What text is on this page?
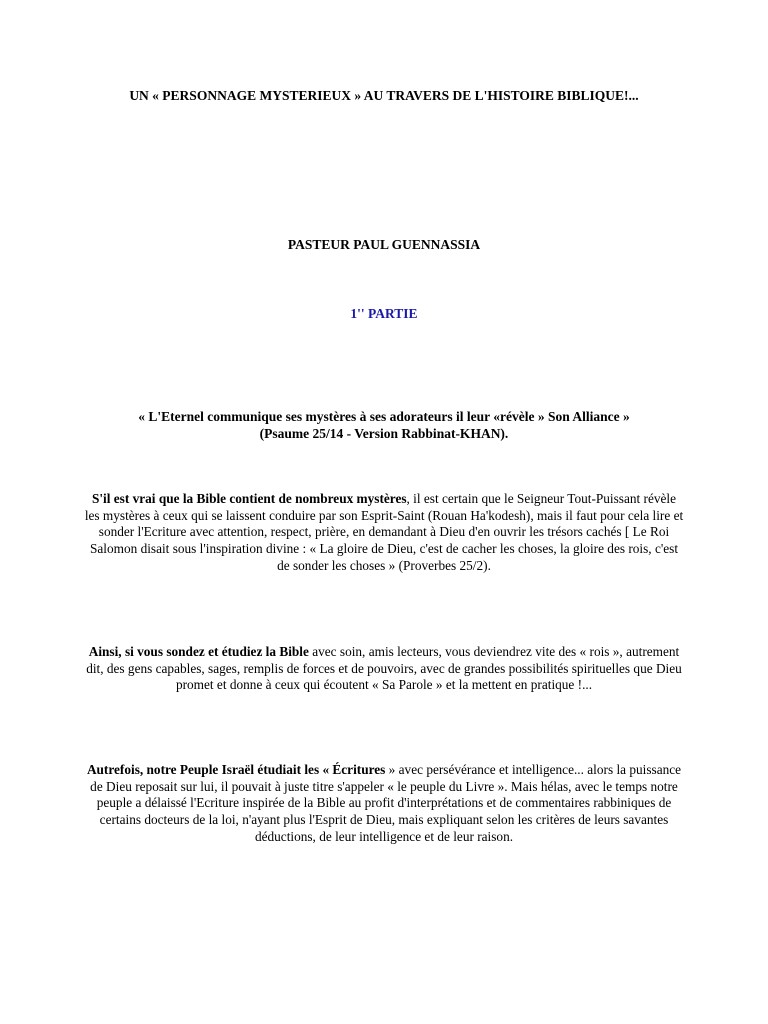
UN « PERSONNAGE MYSTERIEUX » AU TRAVERS DE L'HISTOIRE BIBLIQUE!...
PASTEUR PAUL GUENNASSIA
1'' PARTIE
« L'Eternel communique ses mystères à ses adorateurs il leur «révèle » Son Alliance »
(Psaume 25/14 - Version Rabbinat-KHAN).

S'il est vrai que la Bible contient de nombreux mystères, il est certain que le Seigneur Tout-Puissant révèle les mystères à ceux qui se laissent conduire par son Esprit-Saint (Rouan Ha'kodesh), mais il faut pour cela lire et sonder l'Ecriture avec attention, respect, prière, en demandant à Dieu d'en ouvrir les trésors cachés [ Le Roi Salomon disait sous l'inspiration divine : « La gloire de Dieu, c'est de cacher les choses, la gloire des rois, c'est de sonder les choses » (Proverbes 25/2).

Ainsi, si vous sondez et étudiez la Bible avec soin, amis lecteurs, vous deviendrez vite des « rois », autrement dit, des gens capables, sages, remplis de forces et de pouvoirs, avec de grandes possibilités spirituelles que Dieu promet et donne à ceux qui écoutent « Sa Parole » et la mettent en pratique !...

Autrefois, notre Peuple Israël étudiait les « Écritures » avec persévérance et intelligence... alors la puissance de Dieu reposait sur lui, il pouvait à juste titre s'appeler « le peuple du Livre ». Mais hélas, avec le temps notre peuple a délaissé l'Ecriture inspirée de la Bible au profit d'interprétations et de commentaires rabbiniques de certains docteurs de la loi, n'ayant plus l'Esprit de Dieu, mais expliquant selon les critères de leurs savantes déductions, de leur intelligence et de leur raison.
